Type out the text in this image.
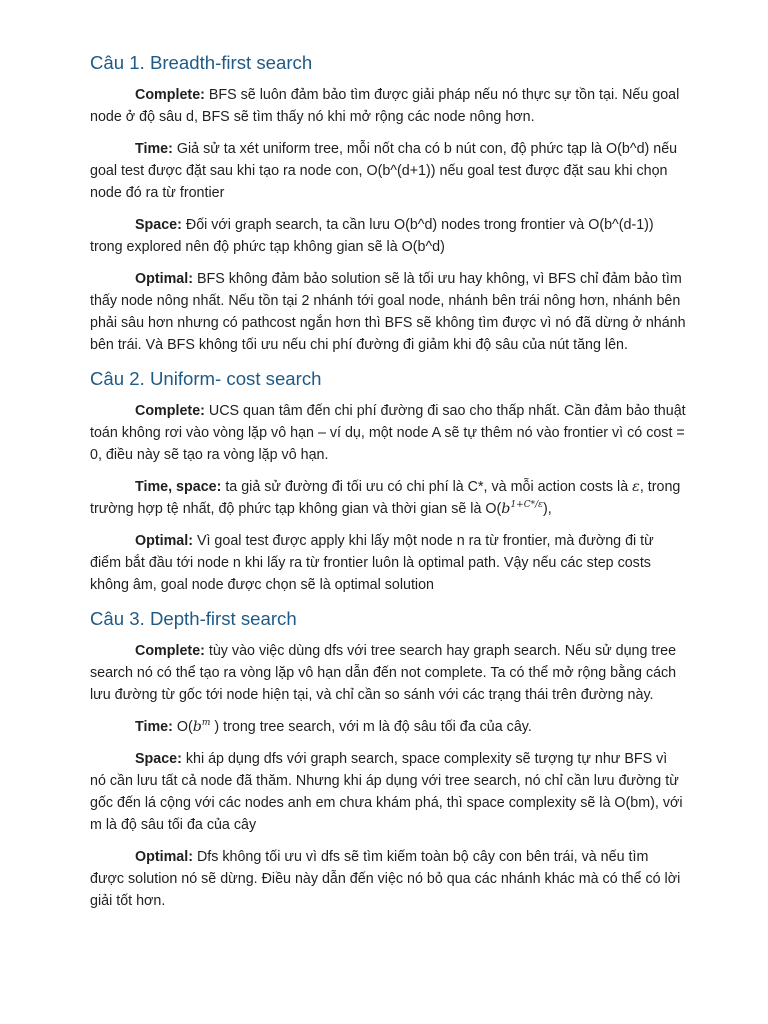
Câu 1. Breadth-first search

Complete: BFS sẽ luôn đảm bảo tìm được giải pháp nếu nó thực sự tồn tại. Nếu goal node ở độ sâu d, BFS sẽ tìm thấy nó khi mở rộng các node nông hơn.

Time: Giả sử ta xét uniform tree, mỗi nốt cha có b nút con, độ phức tạp là O(b^d) nếu goal test được đặt sau khi tạo ra node con, O(b^(d+1)) nếu goal test được đặt sau khi chọn node đó ra từ frontier

Space: Đối với graph search, ta cần lưu O(b^d) nodes trong frontier và O(b^(d-1)) trong explored nên độ phức tạp không gian sẽ là O(b^d)

Optimal: BFS không đảm bảo solution sẽ là tối ưu hay không, vì BFS chỉ đảm bảo tìm thấy node nông nhất. Nếu tồn tại 2 nhánh tới goal node, nhánh bên trái nông hơn, nhánh bên phải sâu hơn nhưng có pathcost ngắn hơn thì BFS sẽ không tìm được vì nó đã dừng ở nhánh bên trái. Và BFS không tối ưu nếu chi phí đường đi giảm khi độ sâu của nút tăng lên.

Câu 2. Uniform- cost search

Complete: UCS quan tâm đến chi phí đường đi sao cho thấp nhất. Cần đảm bảo thuật toán không rơi vào vòng lặp vô hạn – ví dụ, một node A sẽ tự thêm nó vào frontier vì có cost = 0, điều này sẽ tạo ra vòng lặp vô hạn.

Time, space: ta giả sử đường đi tối ưu có chi phí là C*, và mỗi action costs là ε, trong trường hợp tệ nhất, độ phức tạp không gian và thời gian sẽ là $O(b^{1+C*/\varepsilon})$,

Optimal: Vì goal test được apply khi lấy một node n ra từ frontier, mà đường đi từ điểm bắt đầu tới node n khi lấy ra từ frontier luôn là optimal path. Vậy nếu các step costs không âm, goal node được chọn sẽ là optimal solution

Câu 3. Depth-first search

Complete: tùy vào việc dùng dfs với tree search hay graph search. Nếu sử dụng tree search nó có thể tạo ra vòng lặp vô hạn dẫn đến not complete. Ta có thể mở rộng bằng cách lưu đường từ gốc tới node hiện tại, và chỉ cần so sánh với các trạng thái trên đường này.

Time: $O(b^m$ ) trong tree search, với m là độ sâu tối đa của cây.

Space: khi áp dụng dfs với graph search, space complexity sẽ tượng tự như BFS vì nó cần lưu tất cả node đã thăm. Nhưng khi áp dụng với tree search, nó chỉ cần lưu đường từ gốc đến lá cộng với các nodes anh em chưa khám phá, thì space complexity sẽ là O(bm), với m là độ sâu tối đa của cây

Optimal: Dfs không tối ưu vì dfs sẽ tìm kiếm toàn bộ cây con bên trái, và nếu tìm được solution nó sẽ dừng. Điều này dẫn đến việc nó bỏ qua các nhánh khác mà có thể có lời giải tốt hơn.
